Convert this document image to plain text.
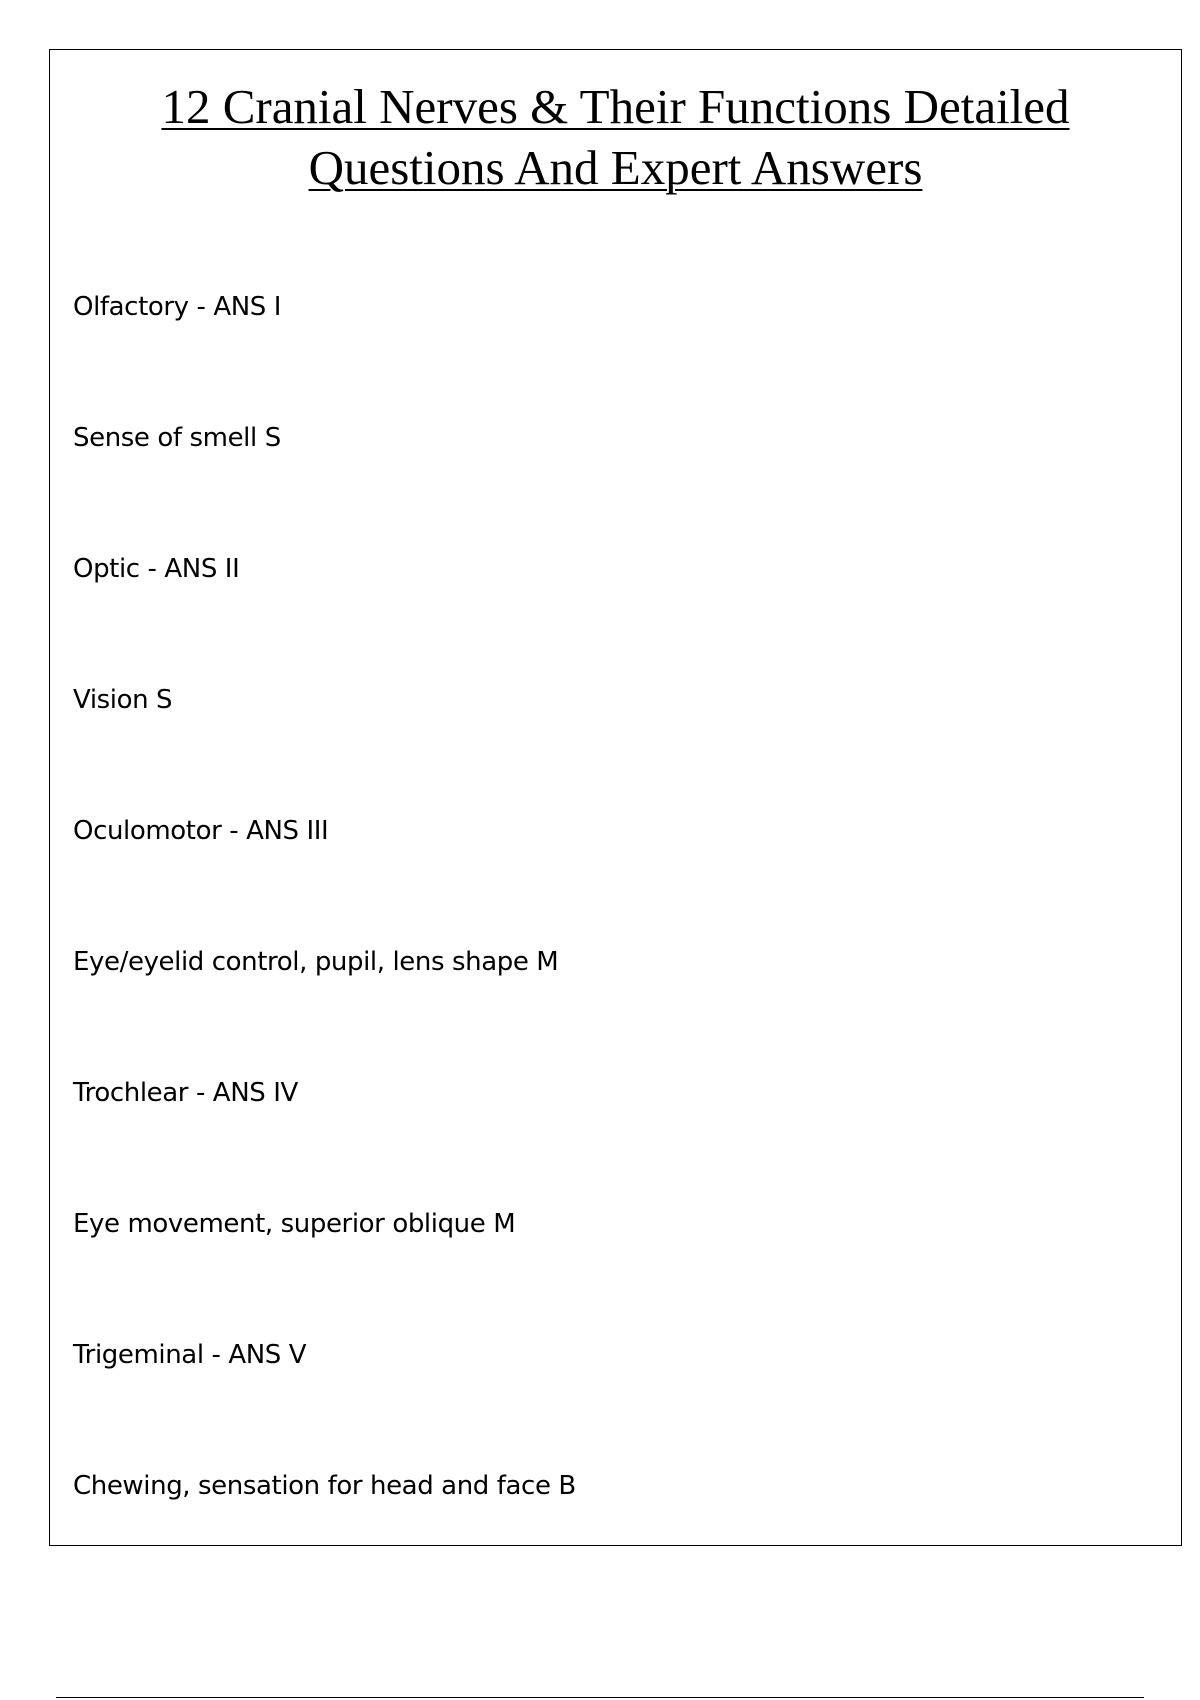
12 Cranial Nerves & Their Functions Detailed
Questions And Expert Answers

Olfactory - ANS I

Sense of smell S

Optic - ANS II

Vision S

Oculomotor - ANS III

Eye/eyelid control, pupil, lens shape M

Trochlear - ANS IV

Eye movement, superior oblique M

Trigeminal - ANS V

Chewing, sensation for head and face B
